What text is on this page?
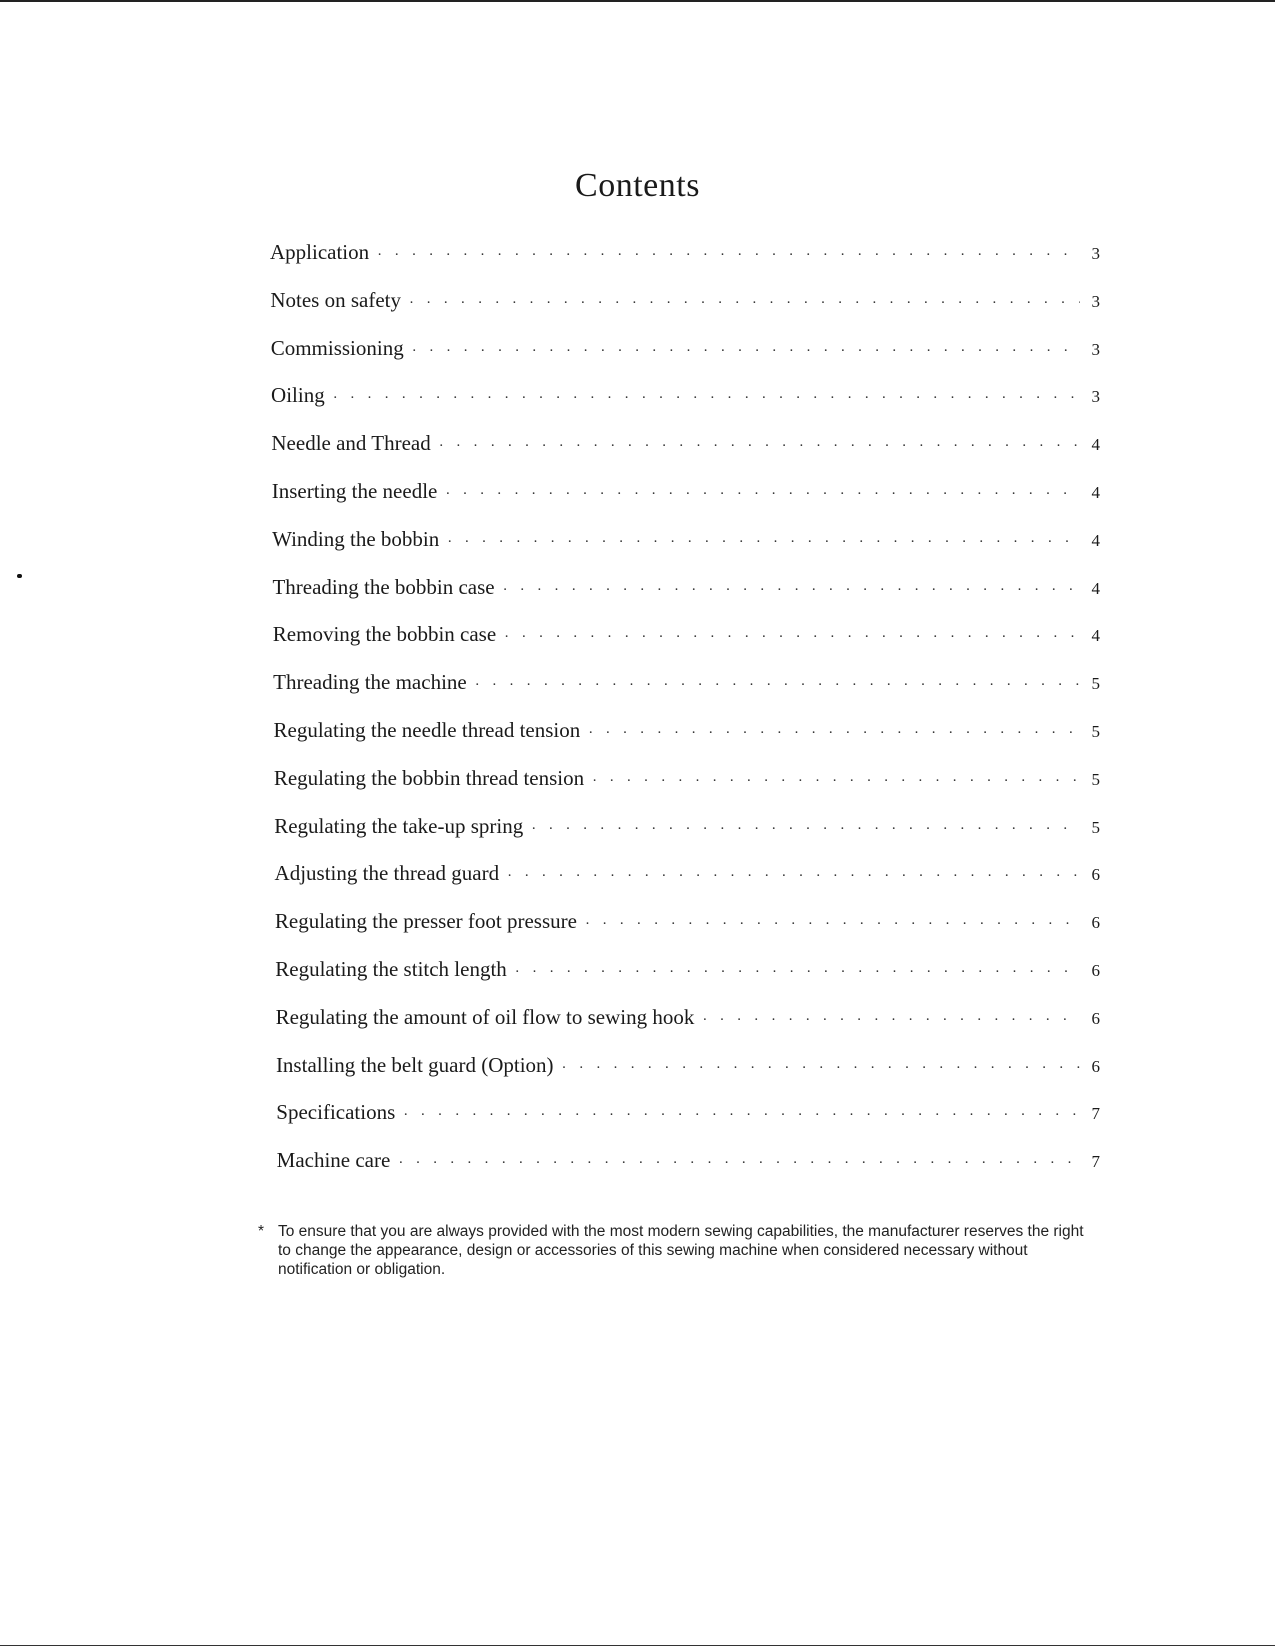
Contents
Application · · ·	3
Notes on safety · · ·	3
Commissioning · · ·	3
Oiling · · ·	3
Needle and Thread · · ·	4
Inserting the needle · · ·	4
Winding the bobbin · · ·	4
Threading the bobbin case · · ·	4
Removing the bobbin case · · ·	4
Threading the machine · · ·	5
Regulating the needle thread tension · · ·	5
Regulating the bobbin thread tension · · ·	5
Regulating the take-up spring · · ·	5
Adjusting the thread guard · · ·	6
Regulating the presser foot pressure · · ·	6
Regulating the stitch length · · ·	6
Regulating the amount of oil flow to sewing hook · · ·	6
Installing the belt guard (Option) · · ·	6
Specifications · · ·	7
Machine care · · ·	7
* To ensure that you are always provided with the most modern sewing capabilities, the manufacturer reserves the right to change the appearance, design or accessories of this sewing machine when considered necessary without notification or obligation.
